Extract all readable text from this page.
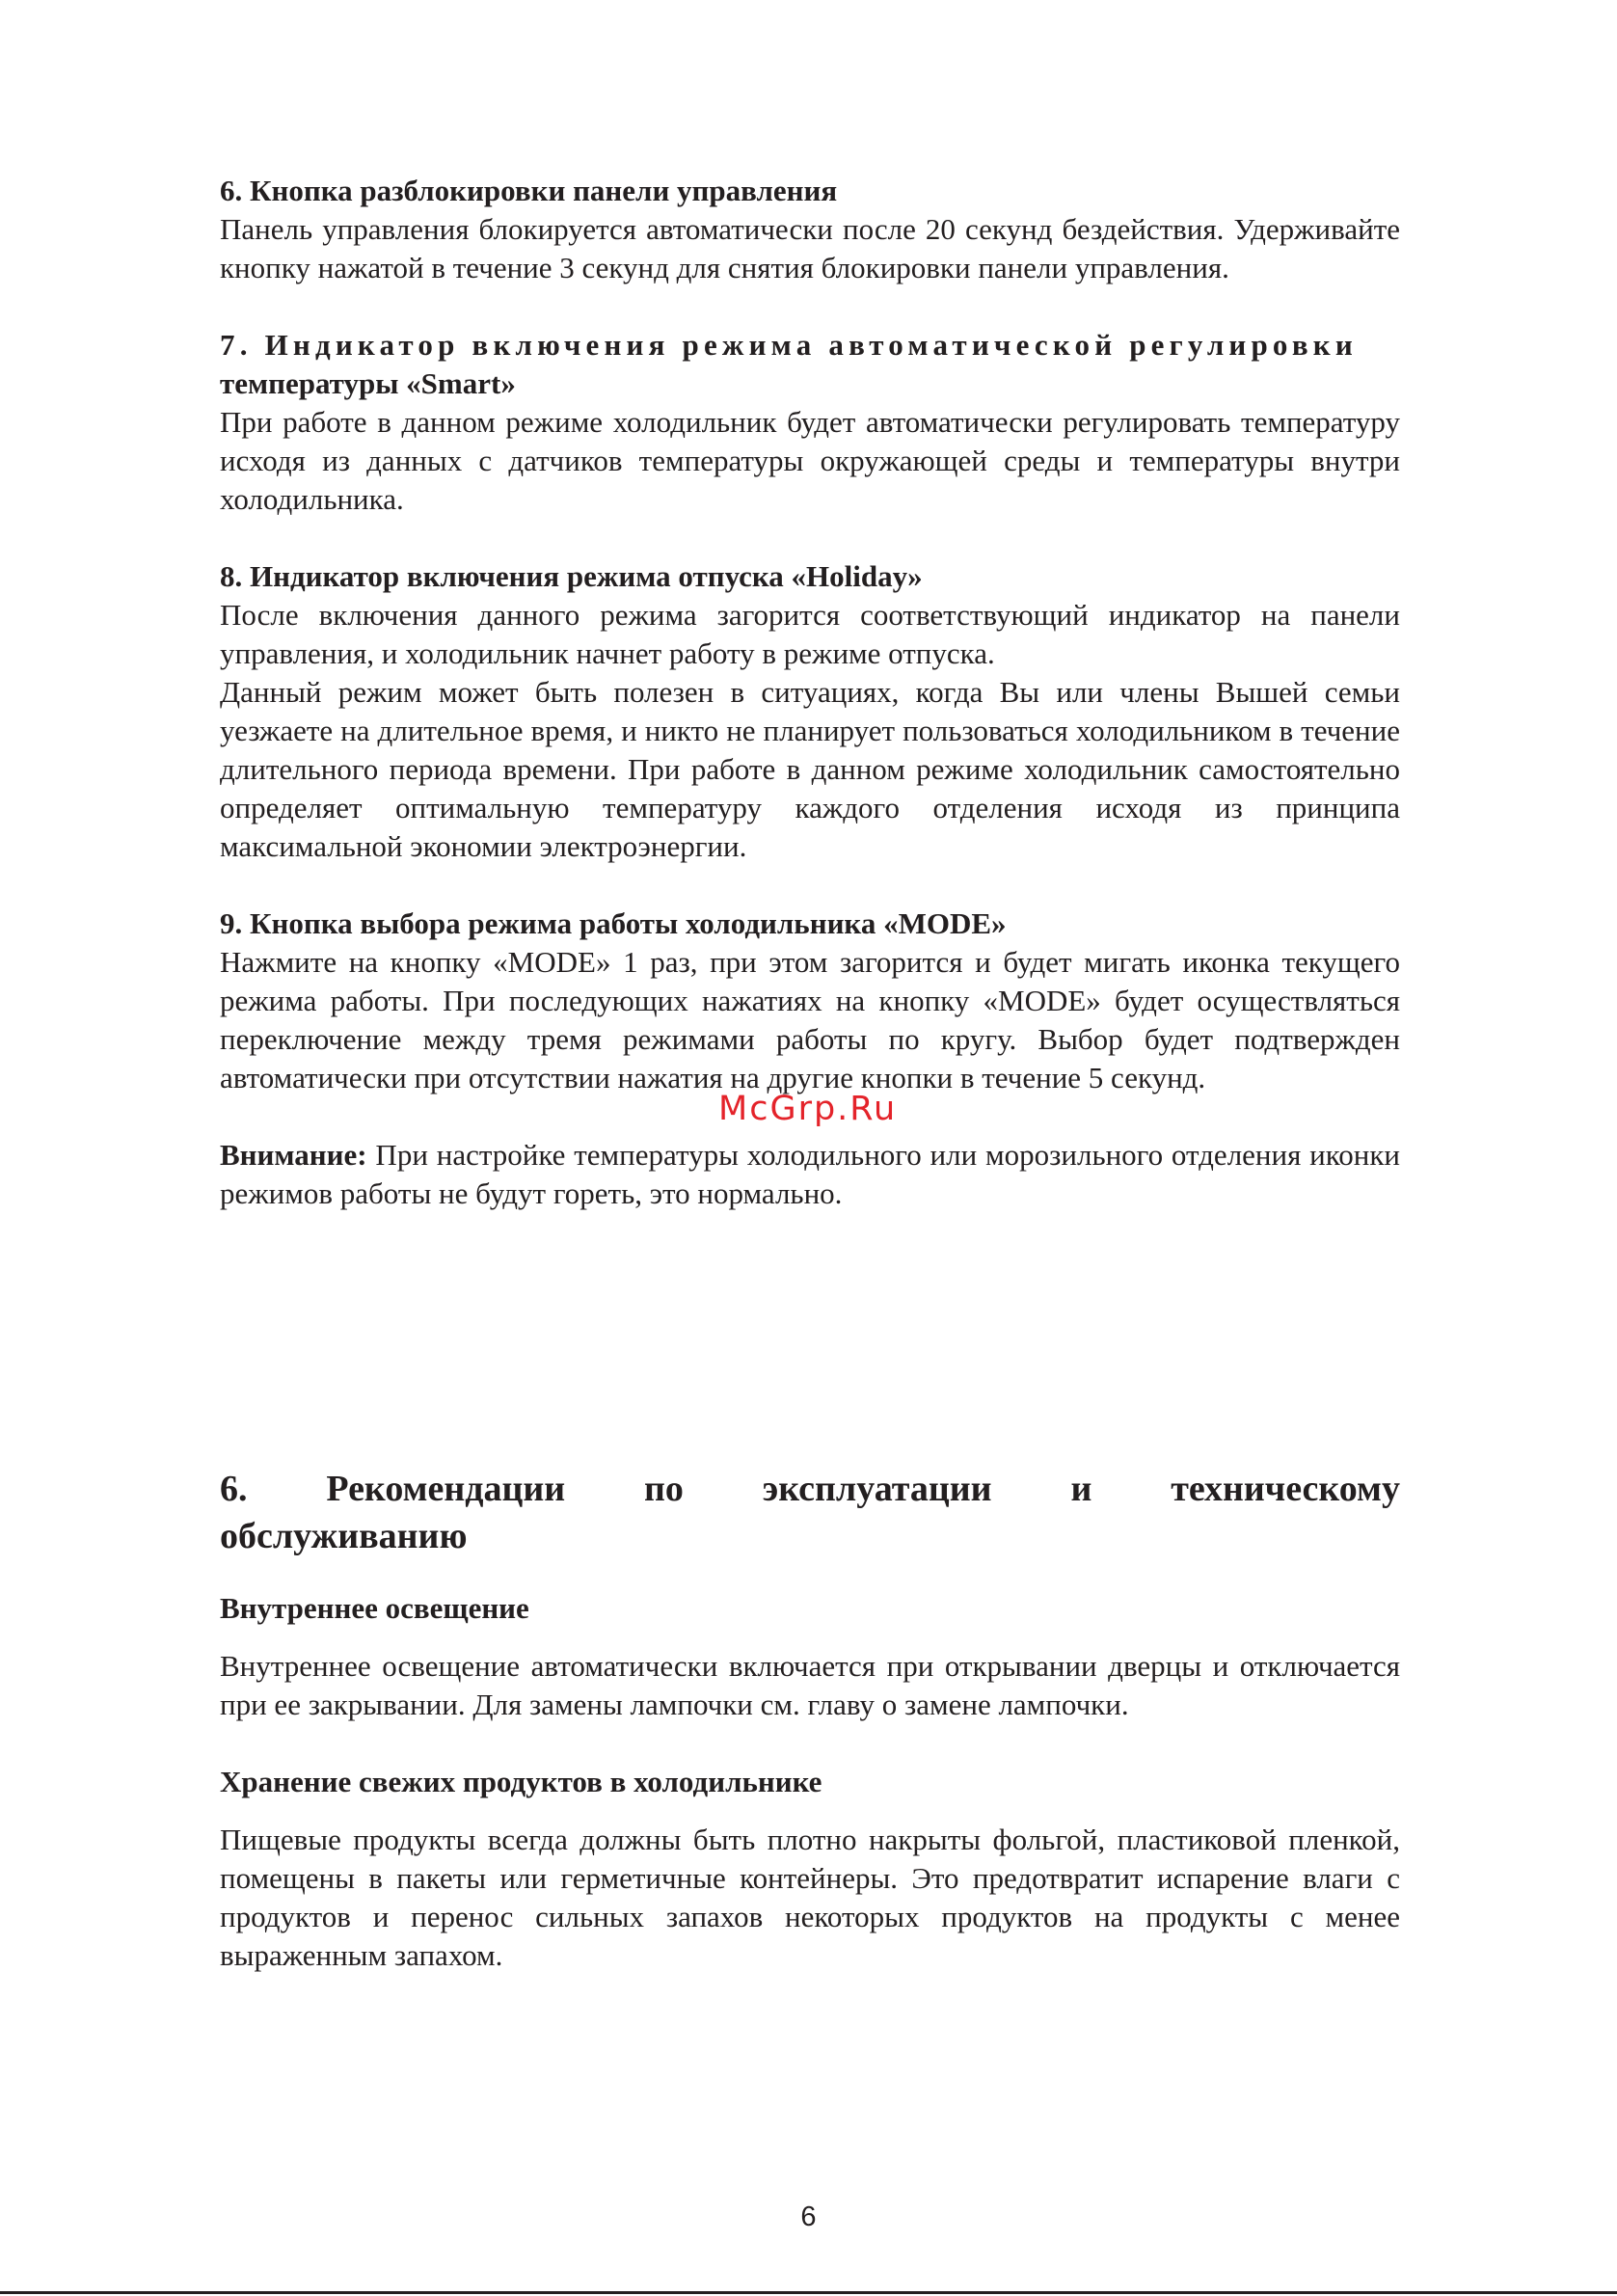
6. Кнопка разблокировки панели управления

Панель управления блокируется автоматически после 20 секунд бездействия. Удерживайте кнопку нажатой в течение 3 секунд для снятия блокировки панели управления.

7. Индикатор включения режима автоматической регулировки

температуры «Smart»

При работе в данном режиме холодильник будет автоматически регулировать температуру исходя из данных с датчиков температуры окружающей среды и температуры внутри холодильника.

8. Индикатор включения режима отпуска «Holiday»

После включения данного режима загорится соответствующий индикатор на панели управления, и холодильник начнет работу в режиме отпуска.

Данный режим может быть полезен в ситуациях, когда Вы или члены Вышей семьи уезжаете на длительное время, и никто не планирует пользоваться холодильником в течение длительного периода времени. При работе в данном режиме холодильник самостоятельно определяет оптимальную температуру каждого отделения исходя из принципа максимальной экономии электроэнергии.

9. Кнопка выбора режима работы холодильника «MODE»

Нажмите на кнопку «MODE» 1 раз, при этом загорится и будет мигать иконка текущего режима работы. При последующих нажатиях на кнопку «MODE» будет осуществляться переключение между тремя режимами работы по кругу. Выбор будет подтвержден автоматически при отсутствии нажатия на другие кнопки в течение 5 секунд.

Внимание: При настройке температуры холодильного или морозильного отделения иконки режимов работы не будут гореть, это нормально.

6. Рекомендации по эксплуатации и техническому

обслуживанию

Внутреннее освещение

Внутреннее освещение автоматически включается при открывании дверцы и отключается при ее закрывании. Для замены лампочки см. главу о замене лампочки.

Хранение свежих продуктов в холодильнике

Пищевые продукты всегда должны быть плотно накрыты фольгой, пластиковой пленкой, помещены в пакеты или герметичные контейнеры. Это предотвратит испарение влаги с продуктов и перенос сильных запахов некоторых продуктов на продукты с менее выраженным запахом.

McGrp.Ru
6
